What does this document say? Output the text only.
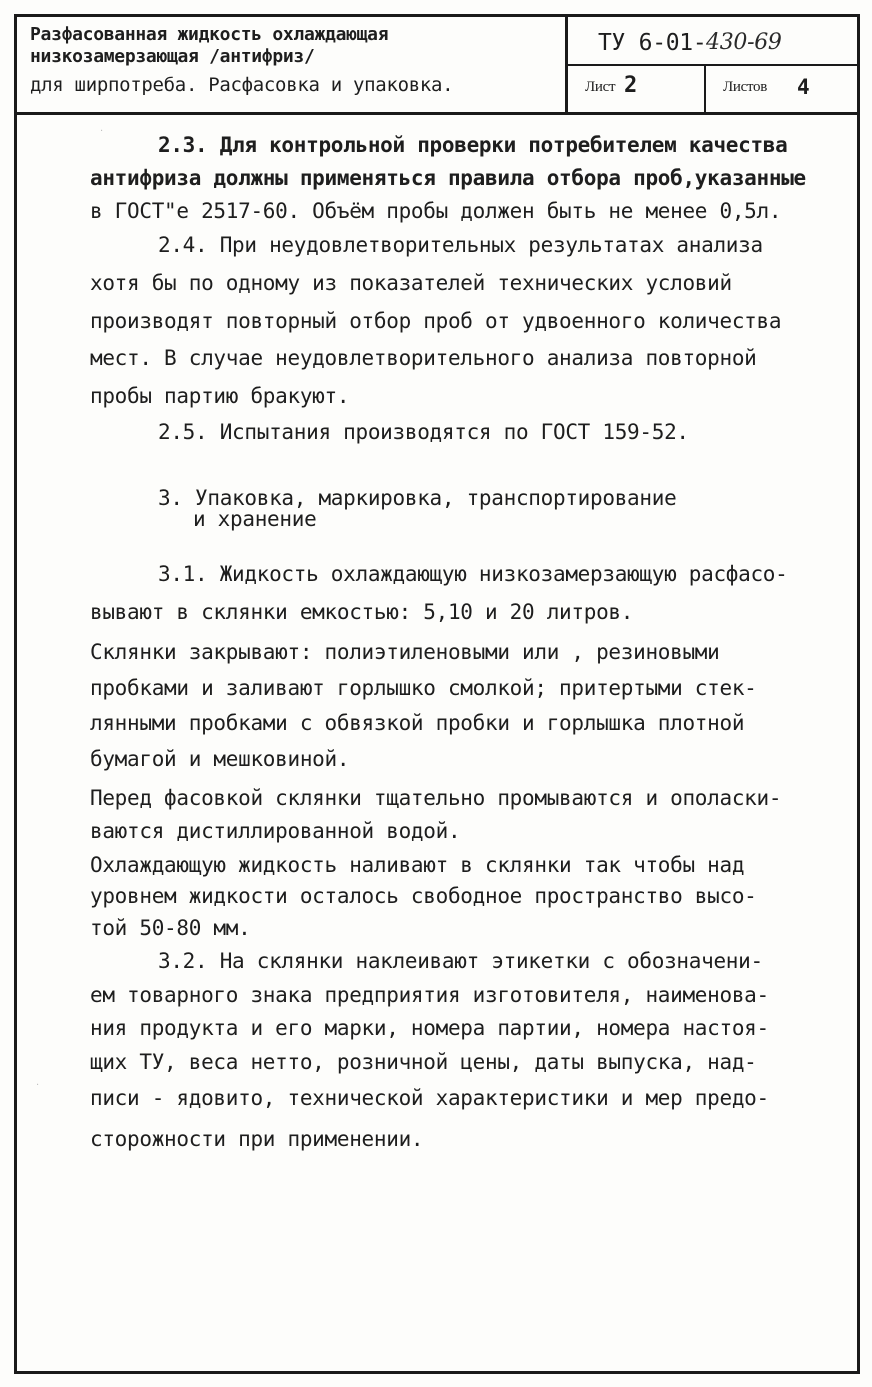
Разфасованная жидкость охлаждающая
низкозамерзающая /антифриз/
для ширпотреба. Расфасовка и упаковка.
ТУ 6-01- 430-69
Лист 2	Листов 4
2.3. Для контрольной проверки потребителем качества
антифриза должны применяться правила отбора проб,указанные
в ГОСТ"е 2517-60. Объём пробы должен быть не менее 0,5л.
2.4. При неудовлетворительных результатах анализа
хотя бы по одному из показателей технических условий
производят повторный отбор проб от удвоенного количества
мест. В случае неудовлетворительного анализа повторной
пробы партию бракуют.
2.5. Испытания производятся по ГОСТ 159-52.
3. Упаковка, маркировка, транспортирование
и хранение
3.1. Жидкость охлаждающую низкозамерзающую расфасо-
вывают в склянки емкостью: 5,10 и 20 литров.
Склянки закрывают: полиэтиленовыми или , резиновыми
пробками и заливают горлышко смолкой; притертыми стек-
лянными пробками с обвязкой пробки и горлышка плотной
бумагой и мешковиной.
Перед фасовкой склянки тщательно промываются и ополаски-
ваются дистиллированной водой.
Охлаждающую жидкость наливают в склянки так чтобы над
уровнем жидкости осталось свободное пространство высо-
той 50-80 мм.
3.2. На склянки наклеивают этикетки с обозначени-
ем товарного знака предприятия изготовителя, наименова-
ния продукта и его марки, номера партии, номера настоя-
щих ТУ, веса нетто, розничной цены, даты выпуска, над-
писи - ядовито, технической характеристики и мер предо-
сторожности при применении.
·
·
